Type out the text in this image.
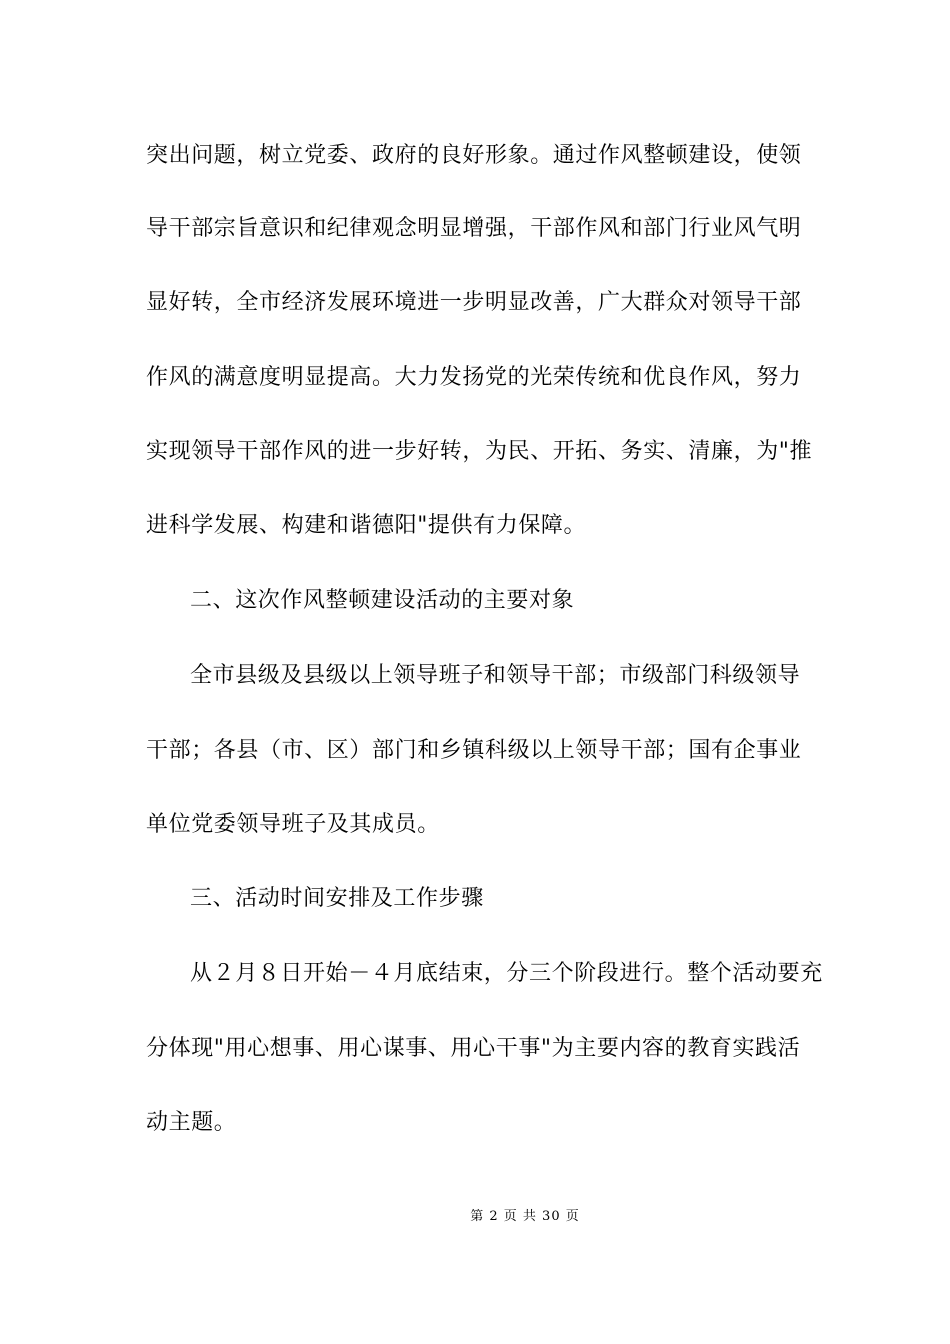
突出问题，树立党委、政府的良好形象。通过作风整顿建设，使领
导干部宗旨意识和纪律观念明显增强，干部作风和部门行业风气明
显好转，全市经济发展环境进一步明显改善，广大群众对领导干部
作风的满意度明显提高。大力发扬党的光荣传统和优良作风，努力
实现领导干部作风的进一步好转，为民、开拓、务实、清廉，为"推
进科学发展、构建和谐德阳"提供有力保障。
二、这次作风整顿建设活动的主要对象
全市县级及县级以上领导班子和领导干部；市级部门科级领导
干部；各县（市、区）部门和乡镇科级以上领导干部；国有企事业
单位党委领导班子及其成员。
三、活动时间安排及工作步骤
从２月８日开始－４月底结束，分三个阶段进行。整个活动要充
分体现"用心想事、用心谋事、用心干事"为主要内容的教育实践活
动主题。
第 2 页 共 30 页
